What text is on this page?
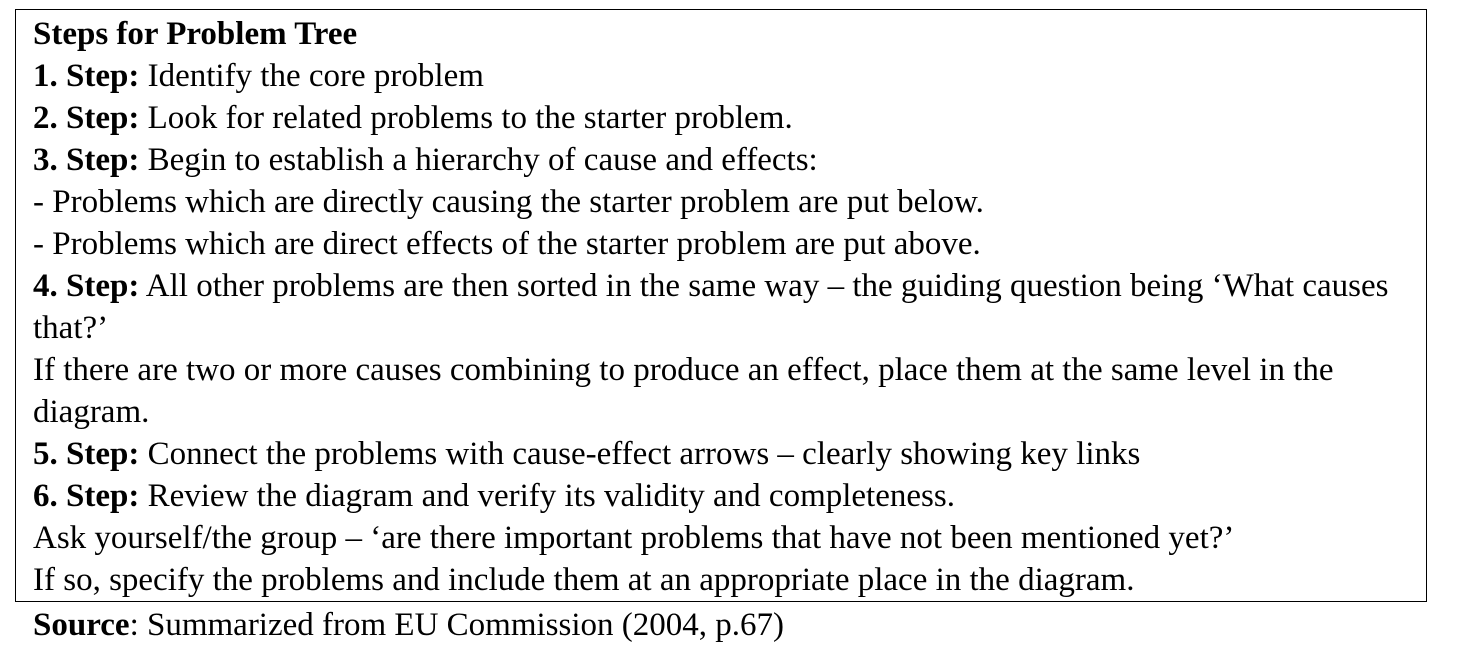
Steps for Problem Tree
1. Step: Identify the core problem
2. Step: Look for related problems to the starter problem.
3. Step: Begin to establish a hierarchy of cause and effects:
- Problems which are directly causing the starter problem are put below.
- Problems which are direct effects of the starter problem are put above.
4. Step: All other problems are then sorted in the same way – the guiding question being ‘What causes that?’
If there are two or more causes combining to produce an effect, place them at the same level in the diagram.
5. Step: Connect the problems with cause-effect arrows – clearly showing key links
6. Step: Review the diagram and verify its validity and completeness.
Ask yourself/the group – ‘are there important problems that have not been mentioned yet?’
If so, specify the problems and include them at an appropriate place in the diagram.
Source: Summarized from EU Commission (2004, p.67)
